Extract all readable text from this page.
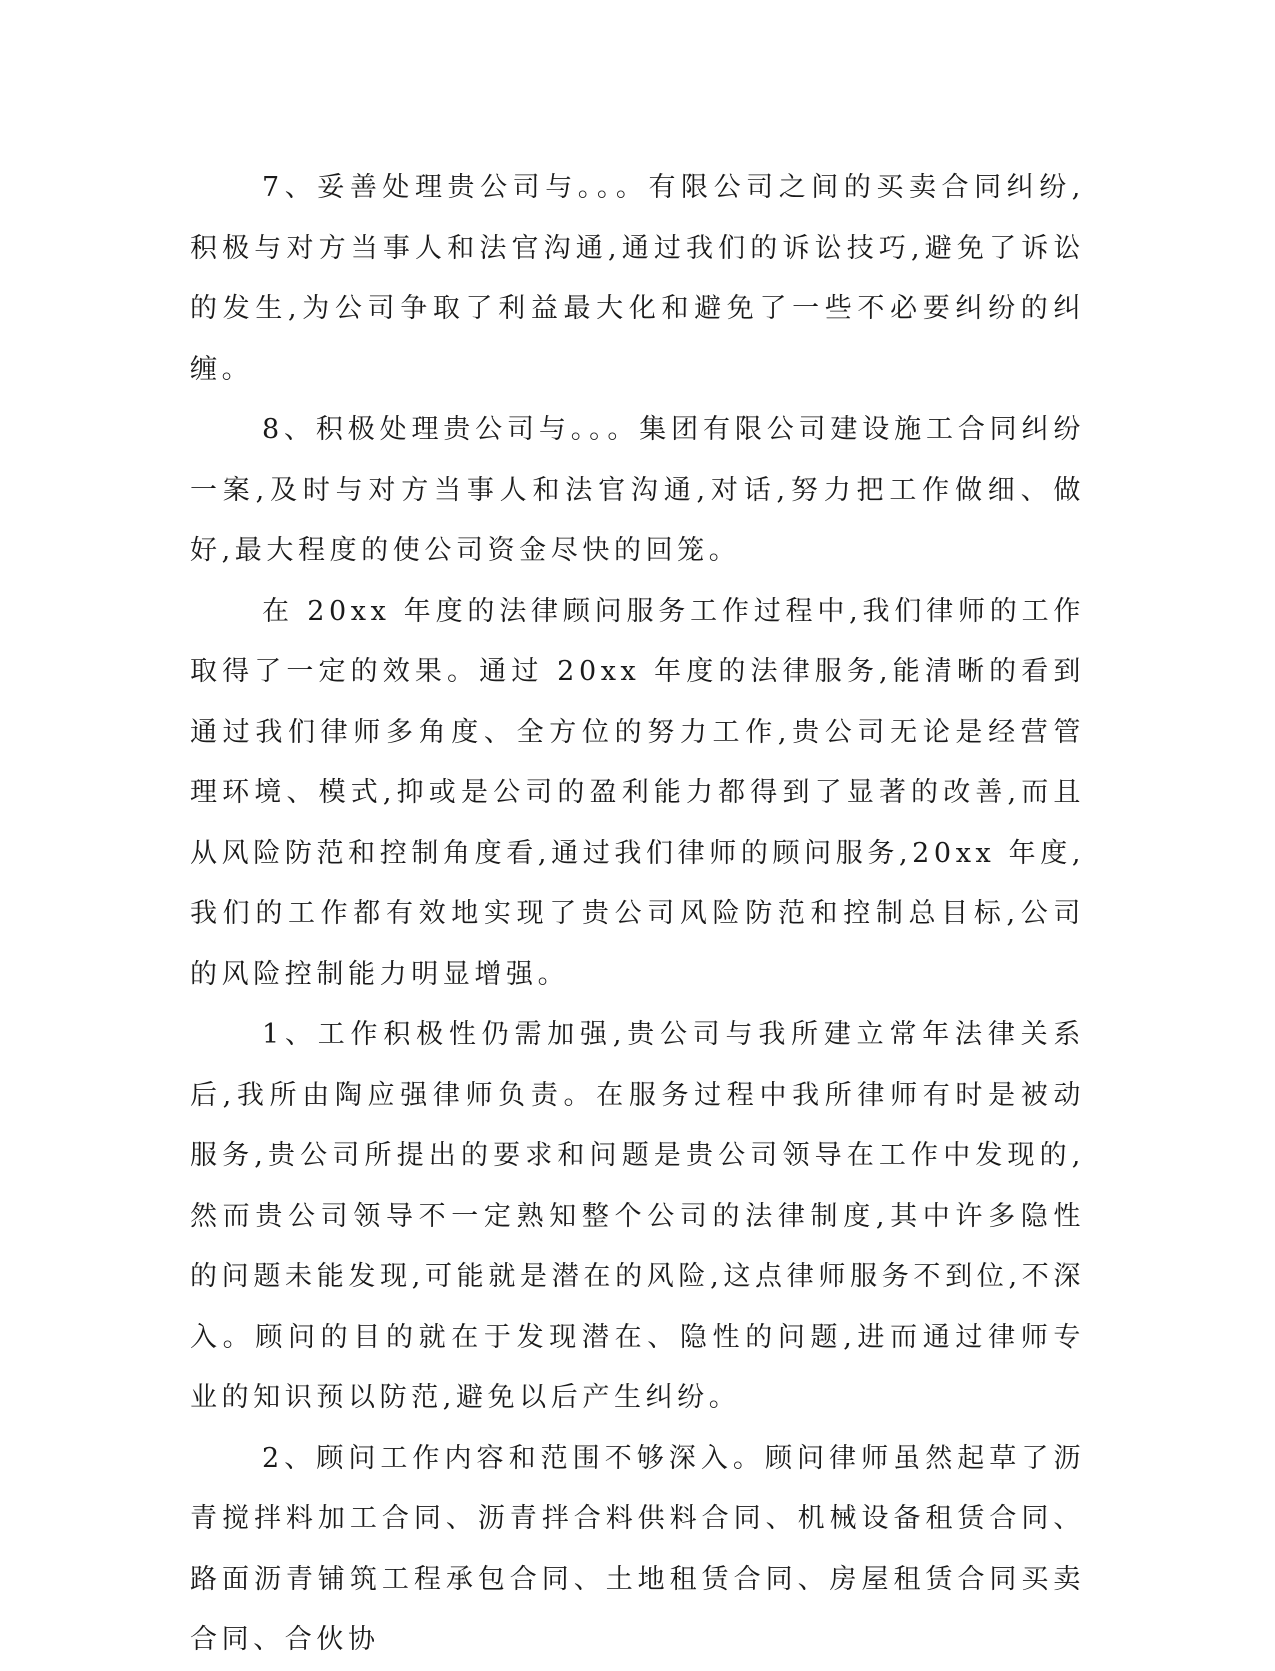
7、妥善处理贵公司与。。。有限公司之间的买卖合同纠纷,积极与对方当事人和法官沟通,通过我们的诉讼技巧,避免了诉讼的发生,为公司争取了利益最大化和避免了一些不必要纠纷的纠缠。

8、积极处理贵公司与。。。集团有限公司建设施工合同纠纷一案,及时与对方当事人和法官沟通,对话,努力把工作做细、做好,最大程度的使公司资金尽快的回笼。

在 20xx 年度的法律顾问服务工作过程中,我们律师的工作取得了一定的效果。通过 20xx 年度的法律服务,能清晰的看到通过我们律师多角度、全方位的努力工作,贵公司无论是经营管理环境、模式,抑或是公司的盈利能力都得到了显著的改善,而且从风险防范和控制角度看,通过我们律师的顾问服务,20xx 年度,我们的工作都有效地实现了贵公司风险防范和控制总目标,公司的风险控制能力明显增强。

1、工作积极性仍需加强,贵公司与我所建立常年法律关系后,我所由陶应强律师负责。在服务过程中我所律师有时是被动服务,贵公司所提出的要求和问题是贵公司领导在工作中发现的,然而贵公司领导不一定熟知整个公司的法律制度,其中许多隐性的问题未能发现,可能就是潜在的风险,这点律师服务不到位,不深入。顾问的目的就在于发现潜在、隐性的问题,进而通过律师专业的知识预以防范,避免以后产生纠纷。

2、顾问工作内容和范围不够深入。顾问律师虽然起草了沥青搅拌料加工合同、沥青拌合料供料合同、机械设备租赁合同、路面沥青铺筑工程承包合同、土地租赁合同、房屋租赁合同买卖合同、合伙协
